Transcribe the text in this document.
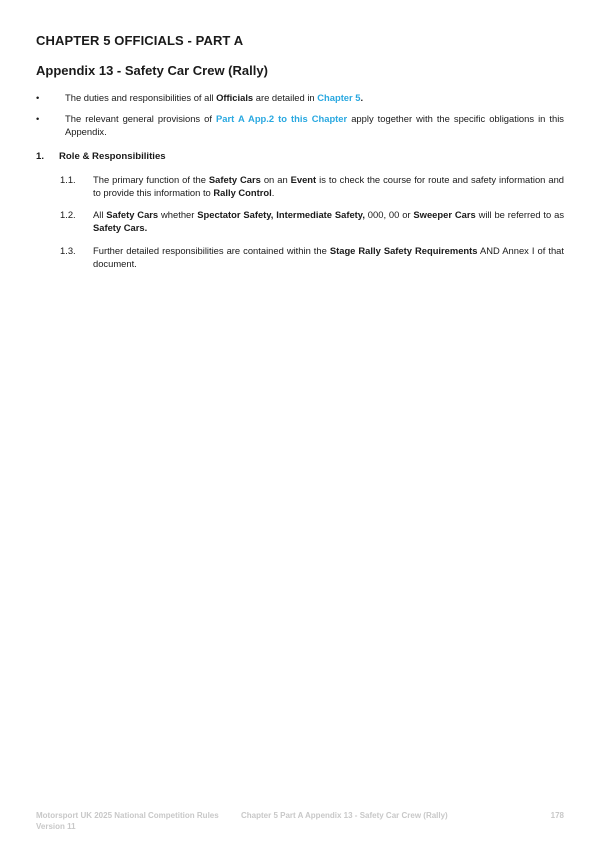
CHAPTER 5 OFFICIALS - PART A
Appendix 13 - Safety Car Crew (Rally)
•	The duties and responsibilities of all Officials are detailed in Chapter 5.
•	The relevant general provisions of Part A App.2 to this Chapter apply together with the specific obligations in this Appendix.
1. Role & Responsibilities

1.1. The primary function of the Safety Cars on an Event is to check the course for route and safety information and to provide this information to Rally Control.

1.2. All Safety Cars whether Spectator Safety, Intermediate Safety, 000, 00 or Sweeper Cars will be referred to as Safety Cars.

1.3. Further detailed responsibilities are contained within the Stage Rally Safety Requirements AND Annex I of that document.

Motorsport UK 2025 National Competition Rules
Version 11
Chapter 5 Part A Appendix 13 - Safety Car Crew (Rally)	178
